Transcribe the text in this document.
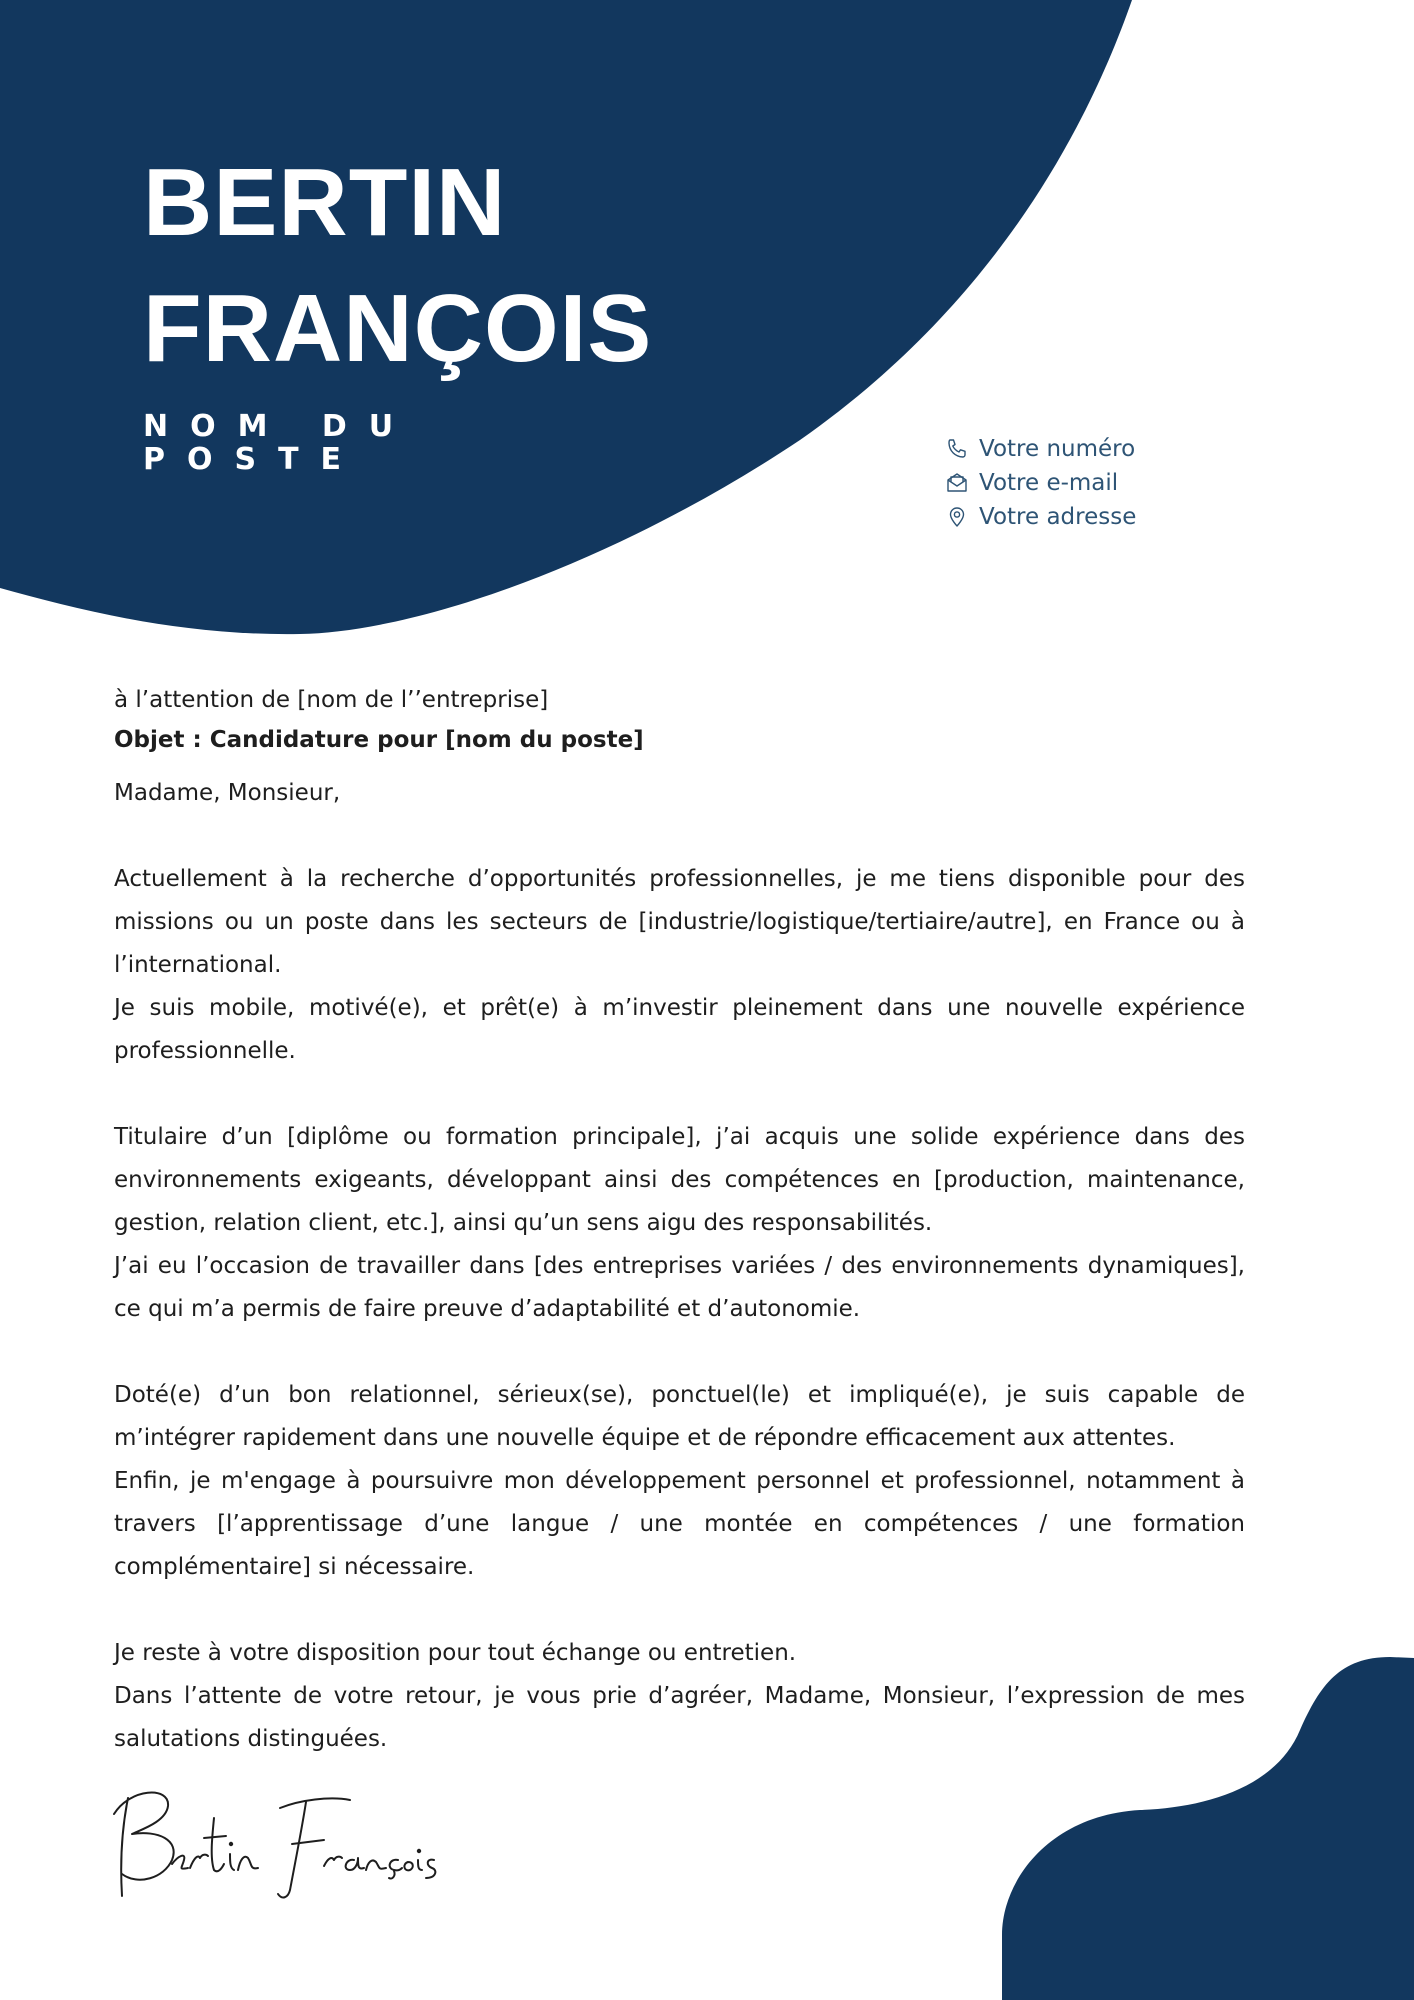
BERTIN
FRANÇOIS
NOM DU POSTE	Votre numéro
Votre e-mail
Votre adresse

à l’attention de [nom de l’’entreprise]

Objet : Candidature pour [nom du poste]

Madame, Monsieur,

Actuellement à la recherche d’opportunités professionnelles, je me tiens disponible pour des missions ou un poste dans les secteurs de [industrie/logistique/tertiaire/autre], en France ou à l’international.

Je suis mobile, motivé(e), et prêt(e) à m’investir pleinement dans une nouvelle expérience professionnelle.

Titulaire d’un [diplôme ou formation principale], j’ai acquis une solide expérience dans des environnements exigeants, développant ainsi des compétences en [production, maintenance, gestion, relation client, etc.], ainsi qu’un sens aigu des responsabilités.

J’ai eu l’occasion de travailler dans [des entreprises variées / des environnements dynamiques], ce qui m’a permis de faire preuve d’adaptabilité et d’autonomie.

Doté(e) d’un bon relationnel, sérieux(se), ponctuel(le) et impliqué(e), je suis capable de m’intégrer rapidement dans une nouvelle équipe et de répondre efficacement aux attentes.

Enfin, je m'engage à poursuivre mon développement personnel et professionnel, notamment à travers [l’apprentissage d’une langue / une montée en compétences / une formation complémentaire] si nécessaire.

Je reste à votre disposition pour tout échange ou entretien.

Dans l’attente de votre retour, je vous prie d’agréer, Madame, Monsieur, l’expression de mes salutations distinguées.
